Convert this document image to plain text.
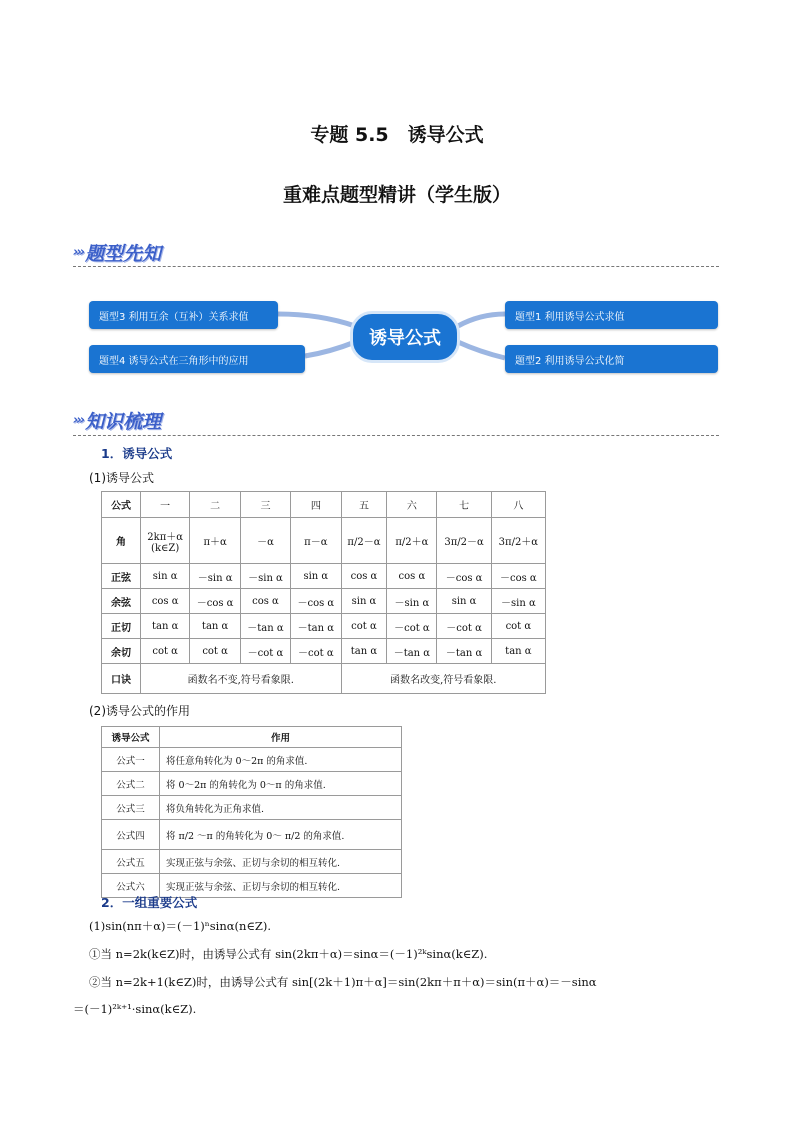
专题 5.5　诱导公式
重难点题型精讲（学生版）
››› 题型先知
题型3 利用互余（互补）关系求值
题型4 诱导公式在三角形中的应用
诱导公式
题型1 利用诱导公式求值
题型2 利用诱导公式化简
››› 知识梳理
1．诱导公式
(1)诱导公式
公式	一	二	三	四	五	六	七	八
角	2kπ＋α
(k∈Z)	π＋α	－α	π－α	π/2－α	π/2＋α	3π/2－α	3π/2＋α
正弦	sin α	－sin α	－sin α	sin α	cos α	cos α	－cos α	－cos α
余弦	cos α	－cos α	cos α	－cos α	sin α	－sin α	sin α	－sin α
正切	tan α	tan α	－tan α	－tan α	cot α	－cot α	－cot α	cot α
余切	cot α	cot α	－cot α	－cot α	tan α	－tan α	－tan α	tan α
口诀	函数名不变,符号看象限.				函数名改变,符号看象限.			
(2)诱导公式的作用
诱导公式	作用
公式一	将任意角转化为 0～2π 的角求值.
公式二	将 0～2π 的角转化为 0～π 的角求值.
公式三	将负角转化为正角求值.
公式四	将 π/2 ～π 的角转化为 0～ π/2 的角求值.
公式五	实现正弦与余弦、正切与余切的相互转化.
公式六	实现正弦与余弦、正切与余切的相互转化.
2．一组重要公式
(1)sin(nπ＋α)＝(－1)ⁿsinα(n∈Z).
①当 n=2k(k∈Z)时，由诱导公式有 sin(2kπ＋α)＝sinα＝(－1)²ᵏsinα(k∈Z).
②当 n=2k+1(k∈Z)时，由诱导公式有 sin[(2k＋1)π＋α]＝sin(2kπ＋π＋α)＝sin(π＋α)＝－sinα
＝(－1)²ᵏ⁺¹·sinα(k∈Z).
